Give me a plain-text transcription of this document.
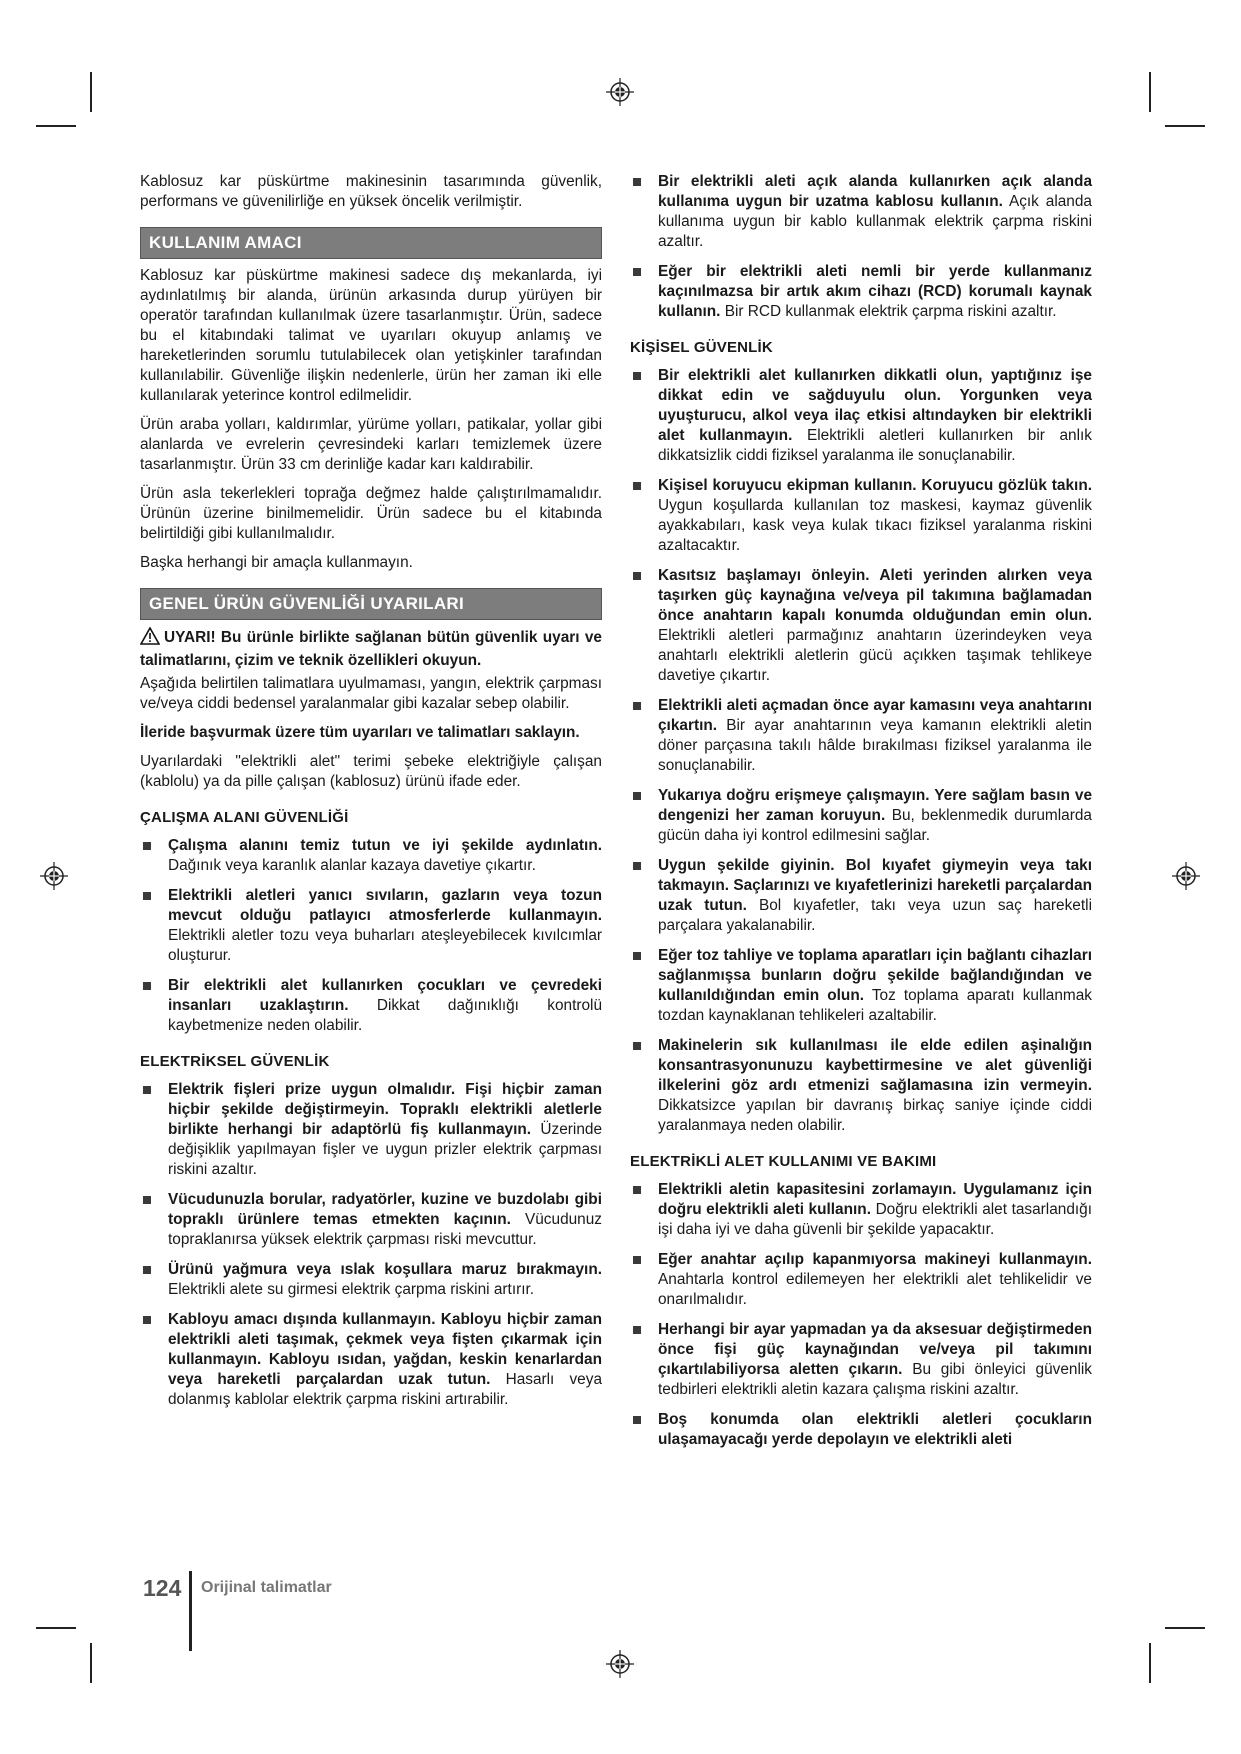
Kablosuz kar püskürtme makinesinin tasarımında güvenlik, performans ve güvenilirliğe en yüksek öncelik verilmiştir.

KULLANIM AMACI

Kablosuz kar püskürtme makinesi sadece dış mekanlarda, iyi aydınlatılmış bir alanda, ürünün arkasında durup yürüyen bir operatör tarafından kullanılmak üzere tasarlanmıştır. Ürün, sadece bu el kitabındaki talimat ve uyarıları okuyup anlamış ve hareketlerinden sorumlu tutulabilecek olan yetişkinler tarafından kullanılabilir. Güvenliğe ilişkin nedenlerle, ürün her zaman iki elle kullanılarak yeterince kontrol edilmelidir.

Ürün araba yolları, kaldırımlar, yürüme yolları, patikalar, yollar gibi alanlarda ve evrelerin çevresindeki karları temizlemek üzere tasarlanmıştır. Ürün 33 cm derinliğe kadar karı kaldırabilir.

Ürün asla tekerlekleri toprağa değmez halde çalıştırılmamalıdır. Ürünün üzerine binilmemelidir. Ürün sadece bu el kitabında belirtildiği gibi kullanılmalıdır.

Başka herhangi bir amaçla kullanmayın.

GENEL ÜRÜN GÜVENLİĞİ UYARILARI

UYARI! Bu ürünle birlikte sağlanan bütün güvenlik uyarı ve talimatlarını, çizim ve teknik özellikleri okuyun.

Aşağıda belirtilen talimatlara uyulmaması, yangın, elektrik çarpması ve/veya ciddi bedensel yaralanmalar gibi kazalar sebep olabilir.

İleride başvurmak üzere tüm uyarıları ve talimatları saklayın.

Uyarılardaki "elektrikli alet" terimi şebeke elektriğiyle çalışan (kablolu) ya da pille çalışan (kablosuz) ürünü ifade eder.

ÇALIŞMA ALANI GÜVENLİĞİ
Çalışma alanını temiz tutun ve iyi şekilde aydınlatın. Dağınık veya karanlık alanlar kazaya davetiye çıkartır.
Elektrikli aletleri yanıcı sıvıların, gazların veya tozun mevcut olduğu patlayıcı atmosferlerde kullanmayın. Elektrikli aletler tozu veya buharları ateşleyebilecek kıvılcımlar oluşturur.
Bir elektrikli alet kullanırken çocukları ve çevredeki insanları uzaklaştırın. Dikkat dağınıklığı kontrolü kaybetmenize neden olabilir.
ELEKTRİKSEL GÜVENLİK
Elektrik fişleri prize uygun olmalıdır. Fişi hiçbir zaman hiçbir şekilde değiştirmeyin. Topraklı elektrikli aletlerle birlikte herhangi bir adaptörlü fiş kullanmayın. Üzerinde değişiklik yapılmayan fişler ve uygun prizler elektrik çarpması riskini azaltır.
Vücudunuzla borular, radyatörler, kuzine ve buzdolabı gibi topraklı ürünlere temas etmekten kaçının. Vücudunuz topraklanırsa yüksek elektrik çarpması riski mevcuttur.
Ürünü yağmura veya ıslak koşullara maruz bırakmayın. Elektrikli alete su girmesi elektrik çarpma riskini artırır.
Kabloyu amacı dışında kullanmayın. Kabloyu hiçbir zaman elektrikli aleti taşımak, çekmek veya fişten çıkarmak için kullanmayın. Kabloyu ısıdan, yağdan, keskin kenarlardan veya hareketli parçalardan uzak tutun. Hasarlı veya dolanmış kablolar elektrik çarpma riskini artırabilir.
Bir elektrikli aleti açık alanda kullanırken açık alanda kullanıma uygun bir uzatma kablosu kullanın. Açık alanda kullanıma uygun bir kablo kullanmak elektrik çarpma riskini azaltır.
Eğer bir elektrikli aleti nemli bir yerde kullanmanız kaçınılmazsa bir artık akım cihazı (RCD) korumalı kaynak kullanın. Bir RCD kullanmak elektrik çarpma riskini azaltır.
KİŞİSEL GÜVENLİK
Bir elektrikli alet kullanırken dikkatli olun, yaptığınız işe dikkat edin ve sağduyulu olun. Yorgunken veya uyuşturucu, alkol veya ilaç etkisi altındayken bir elektrikli alet kullanmayın. Elektrikli aletleri kullanırken bir anlık dikkatsizlik ciddi fiziksel yaralanma ile sonuçlanabilir.
Kişisel koruyucu ekipman kullanın. Koruyucu gözlük takın. Uygun koşullarda kullanılan toz maskesi, kaymaz güvenlik ayakkabıları, kask veya kulak tıkacı fiziksel yaralanma riskini azaltacaktır.
Kasıtsız başlamayı önleyin. Aleti yerinden alırken veya taşırken güç kaynağına ve/veya pil takımına bağlamadan önce anahtarın kapalı konumda olduğundan emin olun. Elektrikli aletleri parmağınız anahtarın üzerindeyken veya anahtarlı elektrikli aletlerin gücü açıkken taşımak tehlikeye davetiye çıkartır.
Elektrikli aleti açmadan önce ayar kamasını veya anahtarını çıkartın. Bir ayar anahtarının veya kamanın elektrikli aletin döner parçasına takılı hâlde bırakılması fiziksel yaralanma ile sonuçlanabilir.
Yukarıya doğru erişmeye çalışmayın. Yere sağlam basın ve dengenizi her zaman koruyun. Bu, beklenmedik durumlarda gücün daha iyi kontrol edilmesini sağlar.
Uygun şekilde giyinin. Bol kıyafet giymeyin veya takı takmayın. Saçlarınızı ve kıyafetlerinizi hareketli parçalardan uzak tutun. Bol kıyafetler, takı veya uzun saç hareketli parçalara yakalanabilir.
Eğer toz tahliye ve toplama aparatları için bağlantı cihazları sağlanmışsa bunların doğru şekilde bağlandığından ve kullanıldığından emin olun. Toz toplama aparatı kullanmak tozdan kaynaklanan tehlikeleri azaltabilir.
Makinelerin sık kullanılması ile elde edilen aşinalığın konsantrasyonunuzu kaybettirmesine ve alet güvenliği ilkelerini göz ardı etmenizi sağlamasına izin vermeyin. Dikkatsizce yapılan bir davranış birkaç saniye içinde ciddi yaralanmaya neden olabilir.
ELEKTRİKLİ ALET KULLANIMI VE BAKIMI
Elektrikli aletin kapasitesini zorlamayın. Uygulamanız için doğru elektrikli aleti kullanın. Doğru elektrikli alet tasarlandığı işi daha iyi ve daha güvenli bir şekilde yapacaktır.
Eğer anahtar açılıp kapanmıyorsa makineyi kullanmayın. Anahtarla kontrol edilemeyen her elektrikli alet tehlikelidir ve onarılmalıdır.
Herhangi bir ayar yapmadan ya da aksesuar değiştirmeden önce fişi güç kaynağından ve/veya pil takımını çıkartılabiliyorsa aletten çıkarın. Bu gibi önleyici güvenlik tedbirleri elektrikli aletin kazara çalışma riskini azaltır.
Boş konumda olan elektrikli aletleri çocukların ulaşamayacağı yerde depolayın ve elektrikli aleti
124 Orijinal talimatlar
